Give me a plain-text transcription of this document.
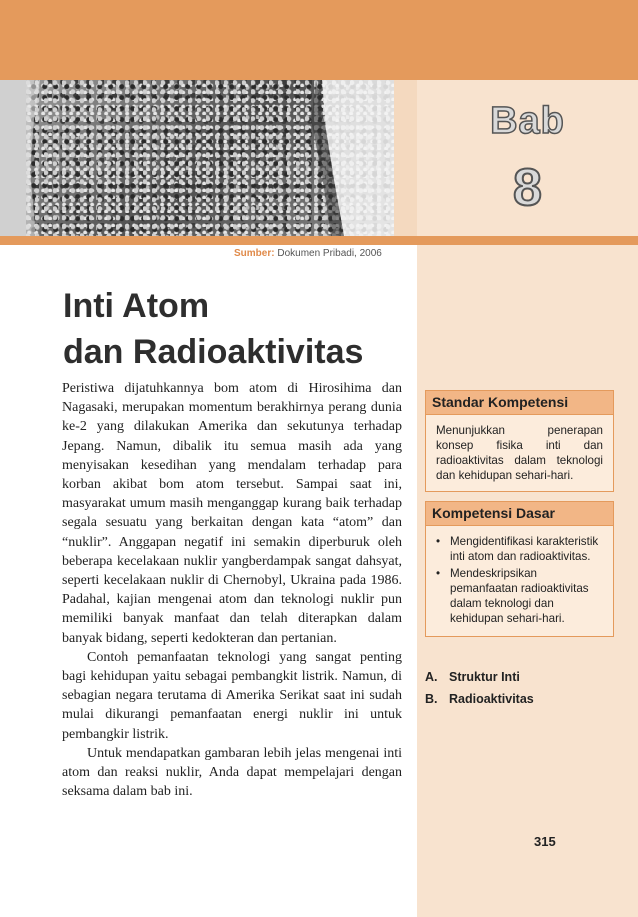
Bab
8
Sumber: Dokumen Pribadi, 2006
Inti Atom
dan Radioaktivitas

Peristiwa dijatuhkannya bom atom di Hirosihima dan Nagasaki, merupakan momentum berakhirnya perang dunia ke-2 yang dilakukan Amerika dan sekutunya terhadap Jepang. Namun, dibalik itu semua masih ada yang menyisakan kesedihan yang mendalam terhadap para korban akibat bom atom tersebut. Sampai saat ini, masyarakat umum masih menganggap kurang baik terhadap segala sesuatu yang berkaitan dengan kata “atom” dan “nuklir”. Anggapan negatif ini semakin diperburuk oleh beberapa kecelakaan nuklir yangberdampak sangat dahsyat, seperti kecelakaan nuklir di Chernobyl, Ukraina pada 1986. Padahal, kajian mengenai atom dan teknologi nuklir pun memiliki banyak manfaat dan telah diterapkan dalam banyak bidang, seperti kedokteran dan pertanian.

Contoh pemanfaatan teknologi yang sangat penting bagi kehidupan yaitu sebagai pembangkit listrik. Namun, di sebagian negara terutama di Amerika Serikat saat ini sudah mulai dikurangi pemanfaatan energi nuklir ini untuk pembangkir listrik.

Untuk mendapatkan gambaran lebih jelas mengenai inti atom dan reaksi nuklir, Anda dapat mempelajari dengan seksama dalam bab ini.

Standar Kompetensi
Menunjukkan penerapan konsep fisika inti dan radioaktivitas dalam teknologi dan kehidupan sehari-hari.
Kompetensi Dasar
• Mengidentifikasi karakteristik inti atom dan radioaktivitas.
• Mendeskripsikan pemanfaatan radioaktivitas dalam teknologi dan kehidupan sehari-hari.
A. Struktur Inti
B. Radioaktivitas
315
